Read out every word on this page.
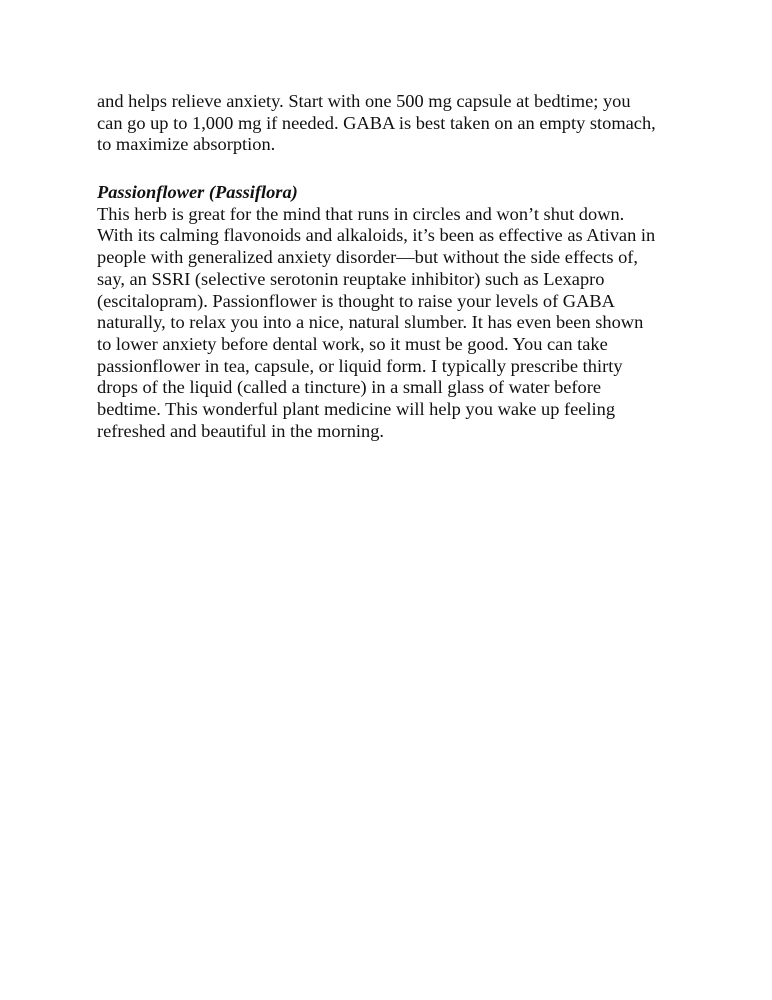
and helps relieve anxiety. Start with one 500 mg capsule at bedtime; you
can go up to 1,000 mg if needed. GABA is best taken on an empty stomach,
to maximize absorption.
Passionflower (Passiflora)
This herb is great for the mind that runs in circles and won’t shut down.
With its calming flavonoids and alkaloids, it’s been as effective as Ativan in
people with generalized anxiety disorder—but without the side effects of,
say, an SSRI (selective serotonin reuptake inhibitor) such as Lexapro
(escitalopram). Passionflower is thought to raise your levels of GABA
naturally, to relax you into a nice, natural slumber. It has even been shown
to lower anxiety before dental work, so it must be good. You can take
passionflower in tea, capsule, or liquid form. I typically prescribe thirty
drops of the liquid (called a tincture) in a small glass of water before
bedtime. This wonderful plant medicine will help you wake up feeling
refreshed and beautiful in the morning.
